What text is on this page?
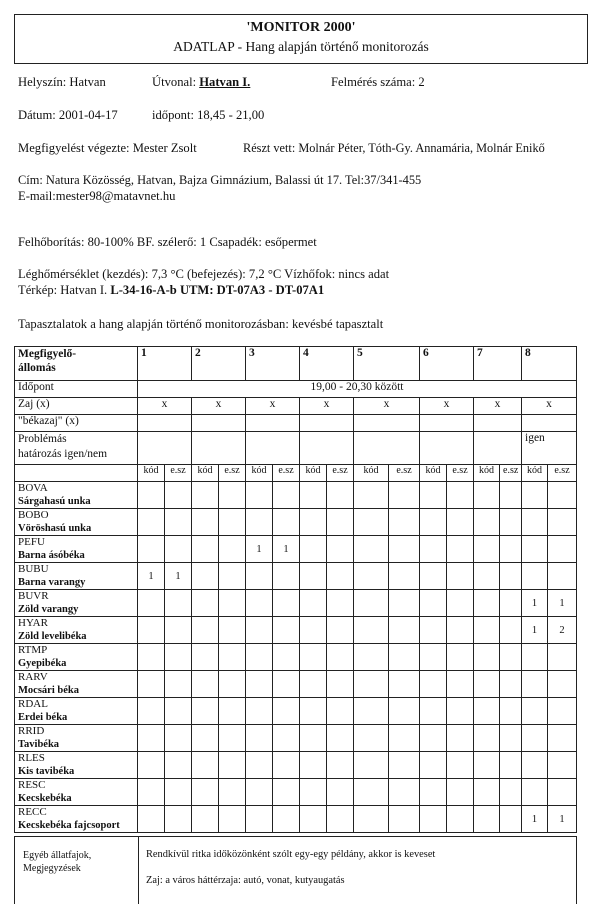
'MONITOR 2000'
ADATLAP - Hang alapján történő monitorozás
Helyszín: Hatvan	Útvonal: Hatvan I.	Felmérés száma: 2
Dátum: 2001-04-17	időpont: 18,45 - 21,00
Megfigyelést végezte: Mester Zsolt	Részt vett: Molnár Péter, Tóth-Gy. Annamária, Molnár Enikő
Cím: Natura Közösség, Hatvan, Bajza Gimnázium, Balassi út 17. Tel:37/341-455
E-mail:mester98@matavnet.hu
Felhőborítás: 80-100% BF. szélerő: 1 Csapadék: esőpermet
Léghőmérséklet (kezdés): 7,3 °C (befejezés): 7,2 °C Vízhőfok: nincs adat
Térkép: Hatvan I. L-34-16-A-b UTM: DT-07A3 - DT-07A1
Tapasztalatok a hang alapján történő monitorozásban: kevésbé tapasztalt
Megfigyelő-
állomás	1		2		3		4		5		6		7		8	
Időpont	19,00 - 20,30 között															
Zaj (x)	x		x		x		x		x		x		x		x	
"békazaj" (x)																
Problémás
határozás igen/nem															igen	
	kód	e.sz	kód	e.sz	kód	e.sz	kód	e.sz	kód	e.sz	kód	e.sz	kód	e.sz	kód	e.sz

BOVA
Sárgahasú unka																

BOBO
Vöröshasú unka																

PEFU
Barna ásóbéka					1	1										

BUBU
Barna varangy	1	1														

BUVR
Zöld varangy															1	1

HYAR
Zöld levelibéka															1	2

RTMP
Gyepibéka																

RARV
Mocsári béka																

RDAL
Erdei béka																

RRID
Tavibéka																

RLES
Kis tavibéka																

RESC
Kecskebéka																

RECC
Kecskebéka fajcsoport															1	1
Egyéb állatfajok,
Megjegyzések
Rendkívül ritka időközönként szólt egy-egy példány, akkor is keveset
Zaj: a város háttérzaja: autó, vonat, kutyaugatás
